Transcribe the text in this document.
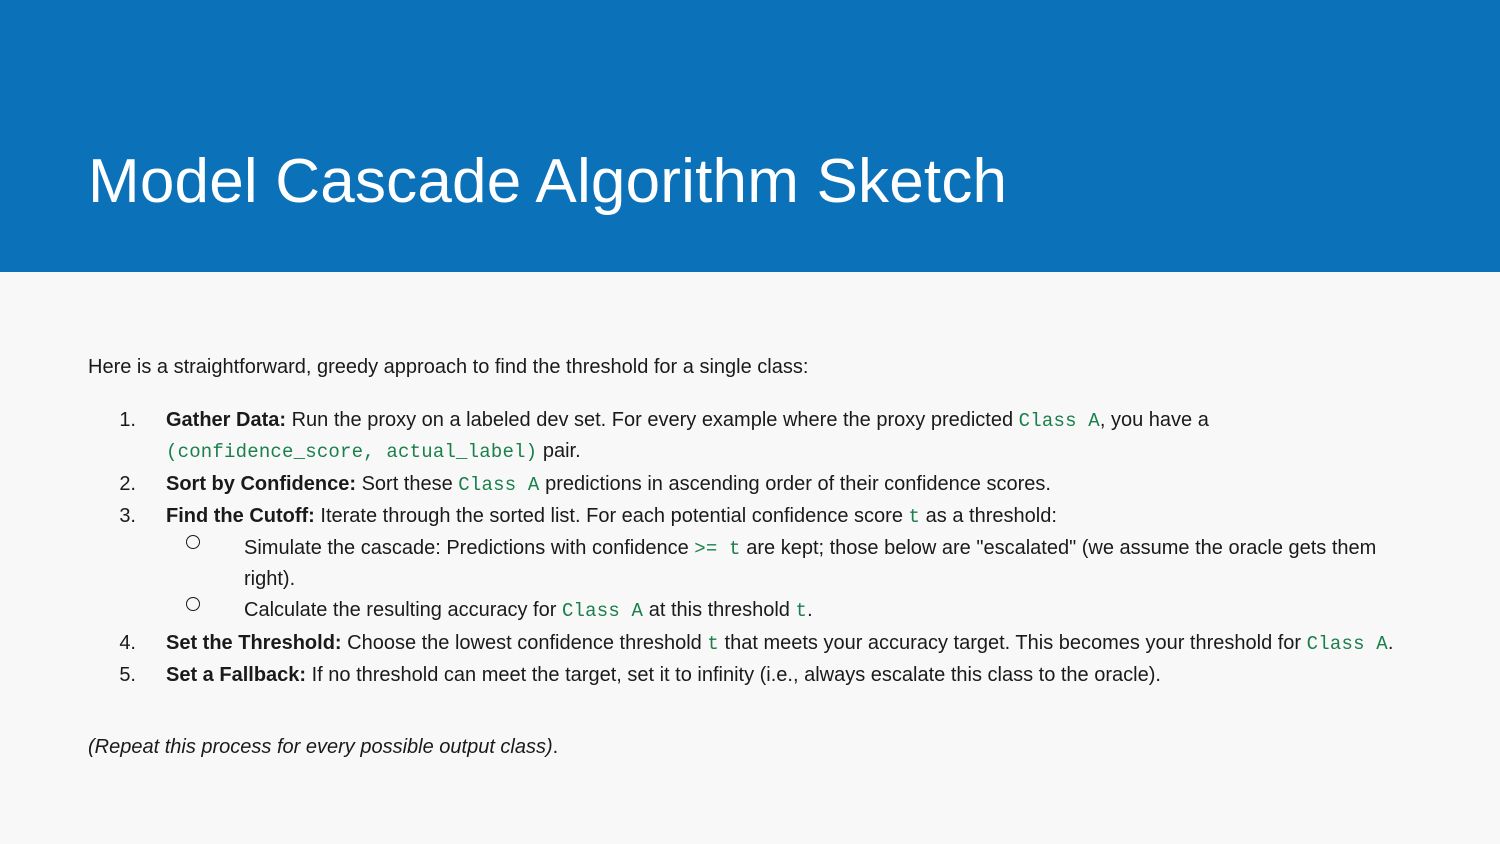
Model Cascade Algorithm Sketch
Here is a straightforward, greedy approach to find the threshold for a single class:
1. Gather Data: Run the proxy on a labeled dev set. For every example where the proxy predicted Class A, you have a (confidence_score, actual_label) pair.
2. Sort by Confidence: Sort these Class A predictions in ascending order of their confidence scores.
3. Find the Cutoff: Iterate through the sorted list. For each potential confidence score t as a threshold:
Simulate the cascade: Predictions with confidence >= t are kept; those below are "escalated" (we assume the oracle gets them right).
Calculate the resulting accuracy for Class A at this threshold t.
4. Set the Threshold: Choose the lowest confidence threshold t that meets your accuracy target. This becomes your threshold for Class A.
5. Set a Fallback: If no threshold can meet the target, set it to infinity (i.e., always escalate this class to the oracle).
(Repeat this process for every possible output class).
